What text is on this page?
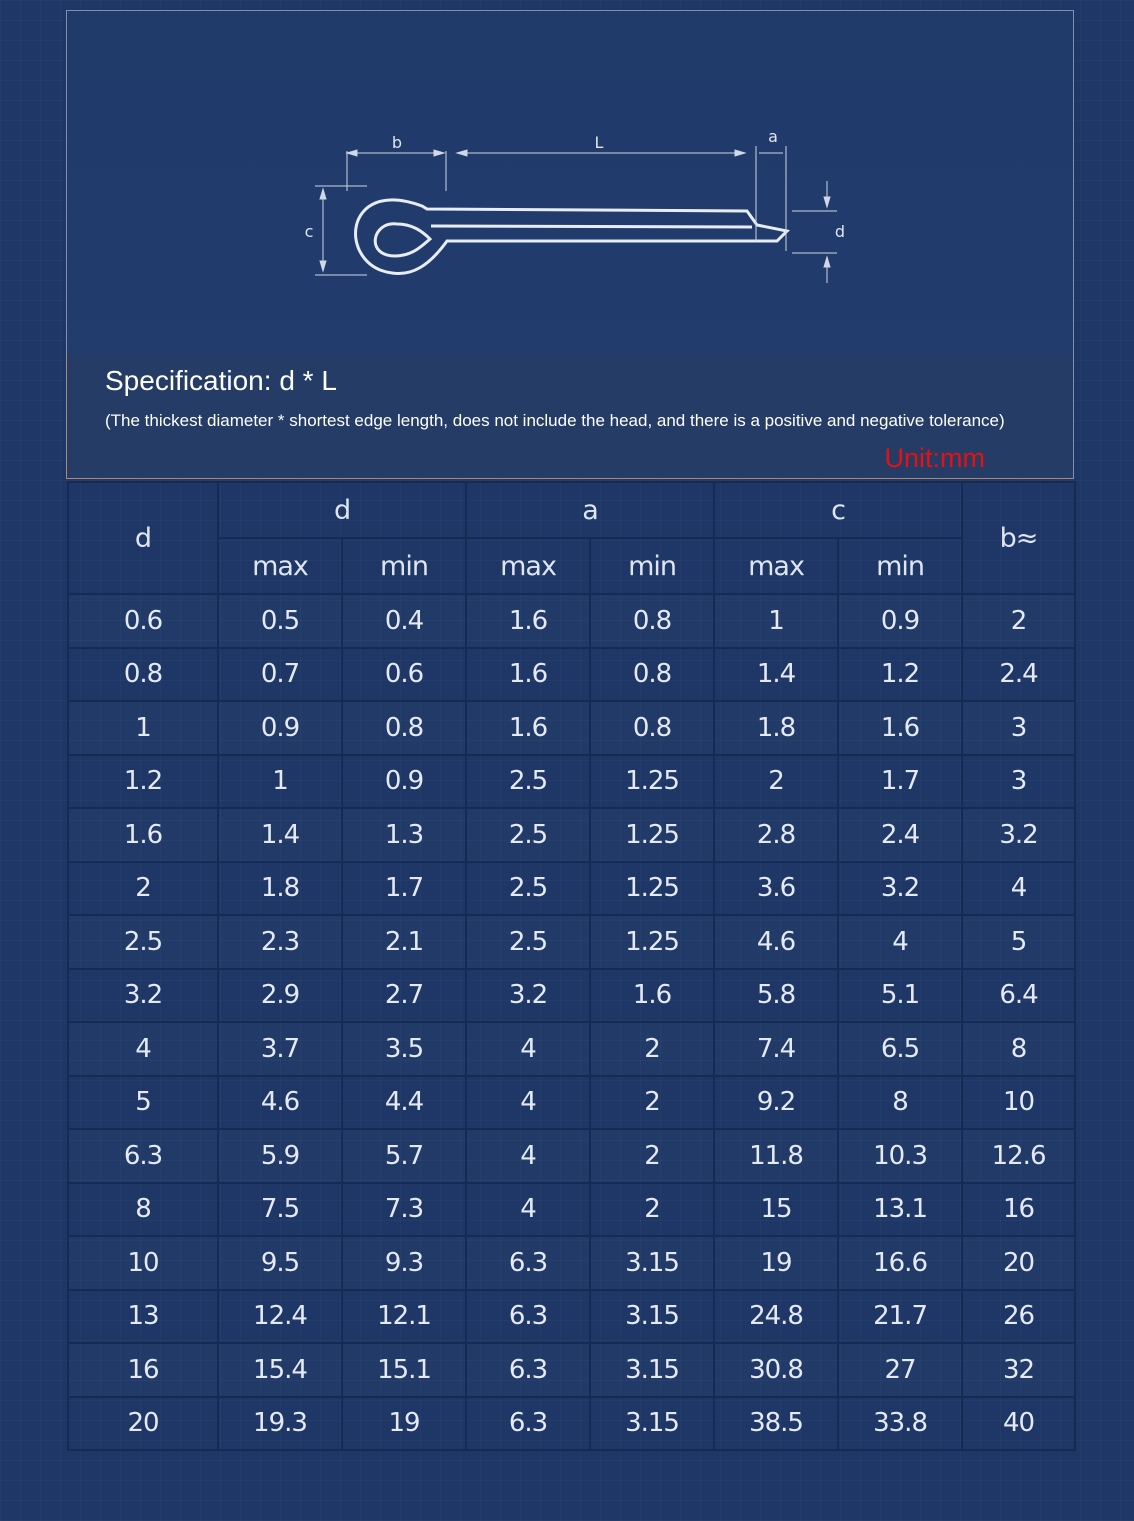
b	L	a
c	d
Specification: d * L
(The thickest diameter * shortest edge length, does not include the head, and there is a positive and negative tolerance)
Unit:mm
d	d		a		c		b≈
	max	min	max	min	max	min	
0.6	0.5	0.4	1.6	0.8	1	0.9	2
0.8	0.7	0.6	1.6	0.8	1.4	1.2	2.4
1	0.9	0.8	1.6	0.8	1.8	1.6	3
1.2	1	0.9	2.5	1.25	2	1.7	3
1.6	1.4	1.3	2.5	1.25	2.8	2.4	3.2
2	1.8	1.7	2.5	1.25	3.6	3.2	4
2.5	2.3	2.1	2.5	1.25	4.6	4	5
3.2	2.9	2.7	3.2	1.6	5.8	5.1	6.4
4	3.7	3.5	4	2	7.4	6.5	8
5	4.6	4.4	4	2	9.2	8	10
6.3	5.9	5.7	4	2	11.8	10.3	12.6
8	7.5	7.3	4	2	15	13.1	16
10	9.5	9.3	6.3	3.15	19	16.6	20
13	12.4	12.1	6.3	3.15	24.8	21.7	26
16	15.4	15.1	6.3	3.15	30.8	27	32
20	19.3	19	6.3	3.15	38.5	33.8	40
